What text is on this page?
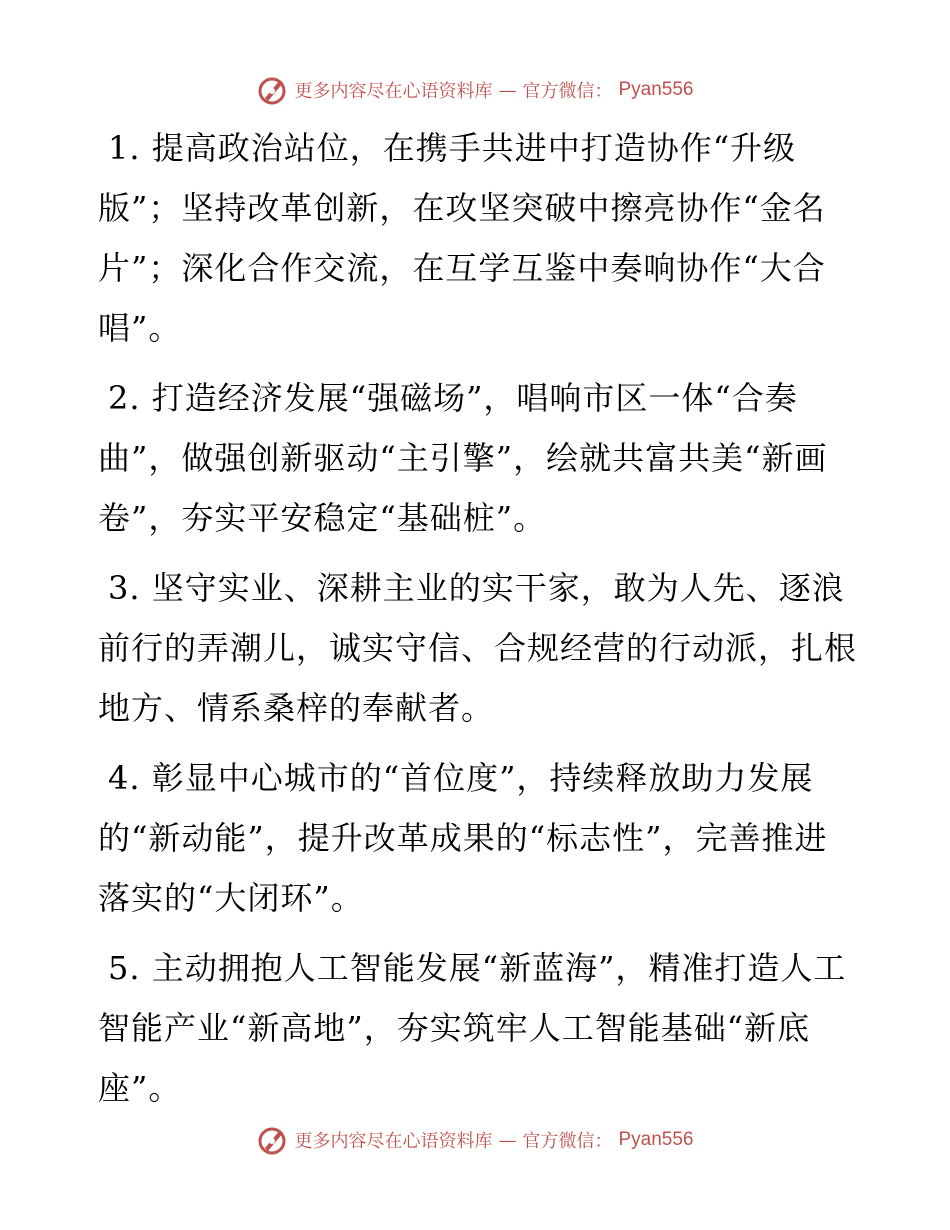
更多内容尽在心语资料库 — 官方微信： Pyan556

1. 提高政治站位，在携手共进中打造协作“升级版”；坚持改革创新，在攻坚突破中擦亮协作“金名片”；深化合作交流，在互学互鉴中奏响协作“大合唱”。

2. 打造经济发展“强磁场”，唱响市区一体“合奏曲”，做强创新驱动“主引擎”，绘就共富共美“新画卷”，夯实平安稳定“基础桩”。

3. 坚守实业、深耕主业的实干家，敢为人先、逐浪前行的弄潮儿，诚实守信、合规经营的行动派，扎根地方、情系桑梓的奉献者。

4. 彰显中心城市的“首位度”，持续释放助力发展的“新动能”，提升改革成果的“标志性”，完善推进落实的“大闭环”。

5. 主动拥抱人工智能发展“新蓝海”，精准打造人工智能产业“新高地”，夯实筑牢人工智能基础“新底座”。

更多内容尽在心语资料库 — 官方微信： Pyan556
